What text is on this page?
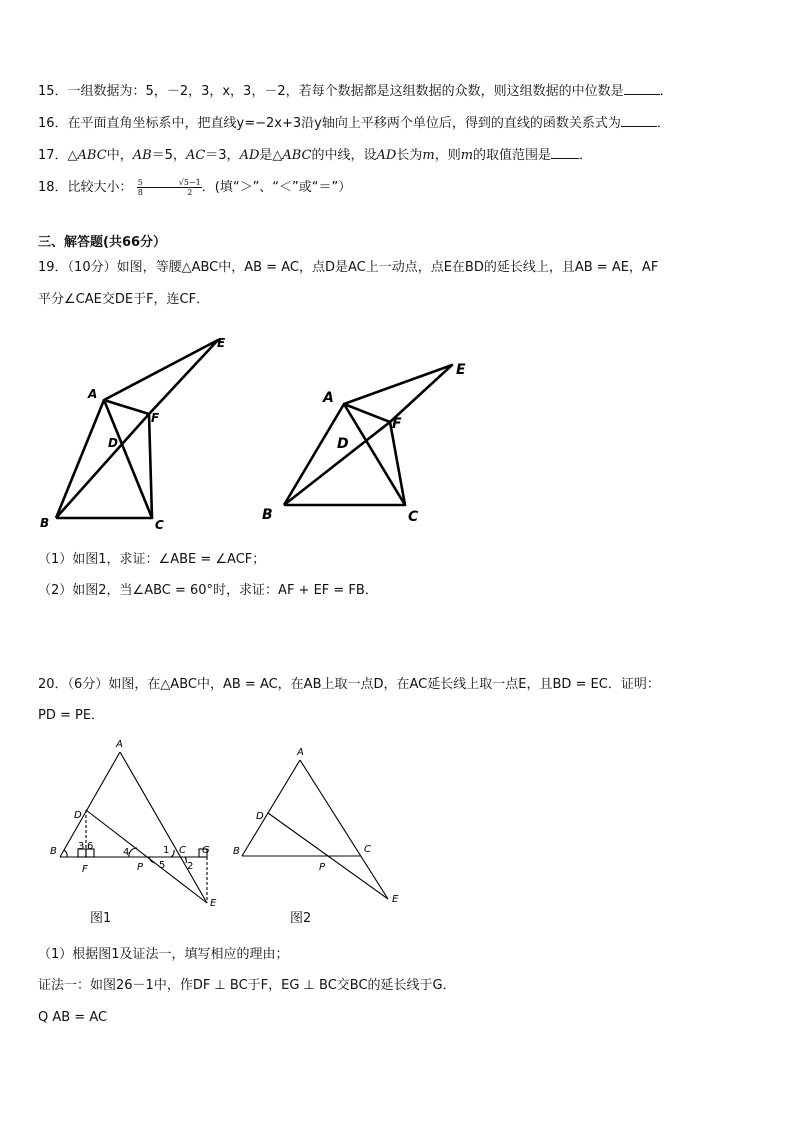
15．一组数据为：5，－2，3，x，3，－2，若每个数据都是这组数据的众数，则这组数据的中位数是	．
16．在平面直角坐标系中，把直线y=−2x+3沿y轴向上平移两个单位后，得到的直线的函数关系式为	．
17．△ABC中，AB＝5，AC＝3，AD是△ABC的中线，设AD长为m，则m的取值范围是 ．
18．比较大小： $\frac{5}{8}$	$\frac{√5-1}{2}$ ．(填“＞”、“＜”或“＝”）
三、解答题(共66分）
19．（10分）如图，等腰△ABC中，AB = AC，点D是AC上一动点，点E在BD的延长线上，且AB = AE，AF
平分∠CAE交DE于F，连CF．
A
B	C
D
E
F
A
B	C
D
E
F
（1）如图1，求证：∠ABE = ∠ACF；
（2）如图2，当∠ABC = 60°时，求证：AF + EF = FB．
20．（6分）如图，在△ABC中，AB = AC，在AB上取一点D，在AC延长线上取一点E，且BD = EC．证明：
PD = PE．
A
B	C
D
E
F
G
P
1
2
3
4
5
6
图1
A
B	C
D
E
P
图2
（1）根据图1及证法一，填写相应的理由；
证法一：如图26－1中，作DF ⊥ BC于F，EG ⊥ BC交BC的延长线于G．
Q AB = AC
